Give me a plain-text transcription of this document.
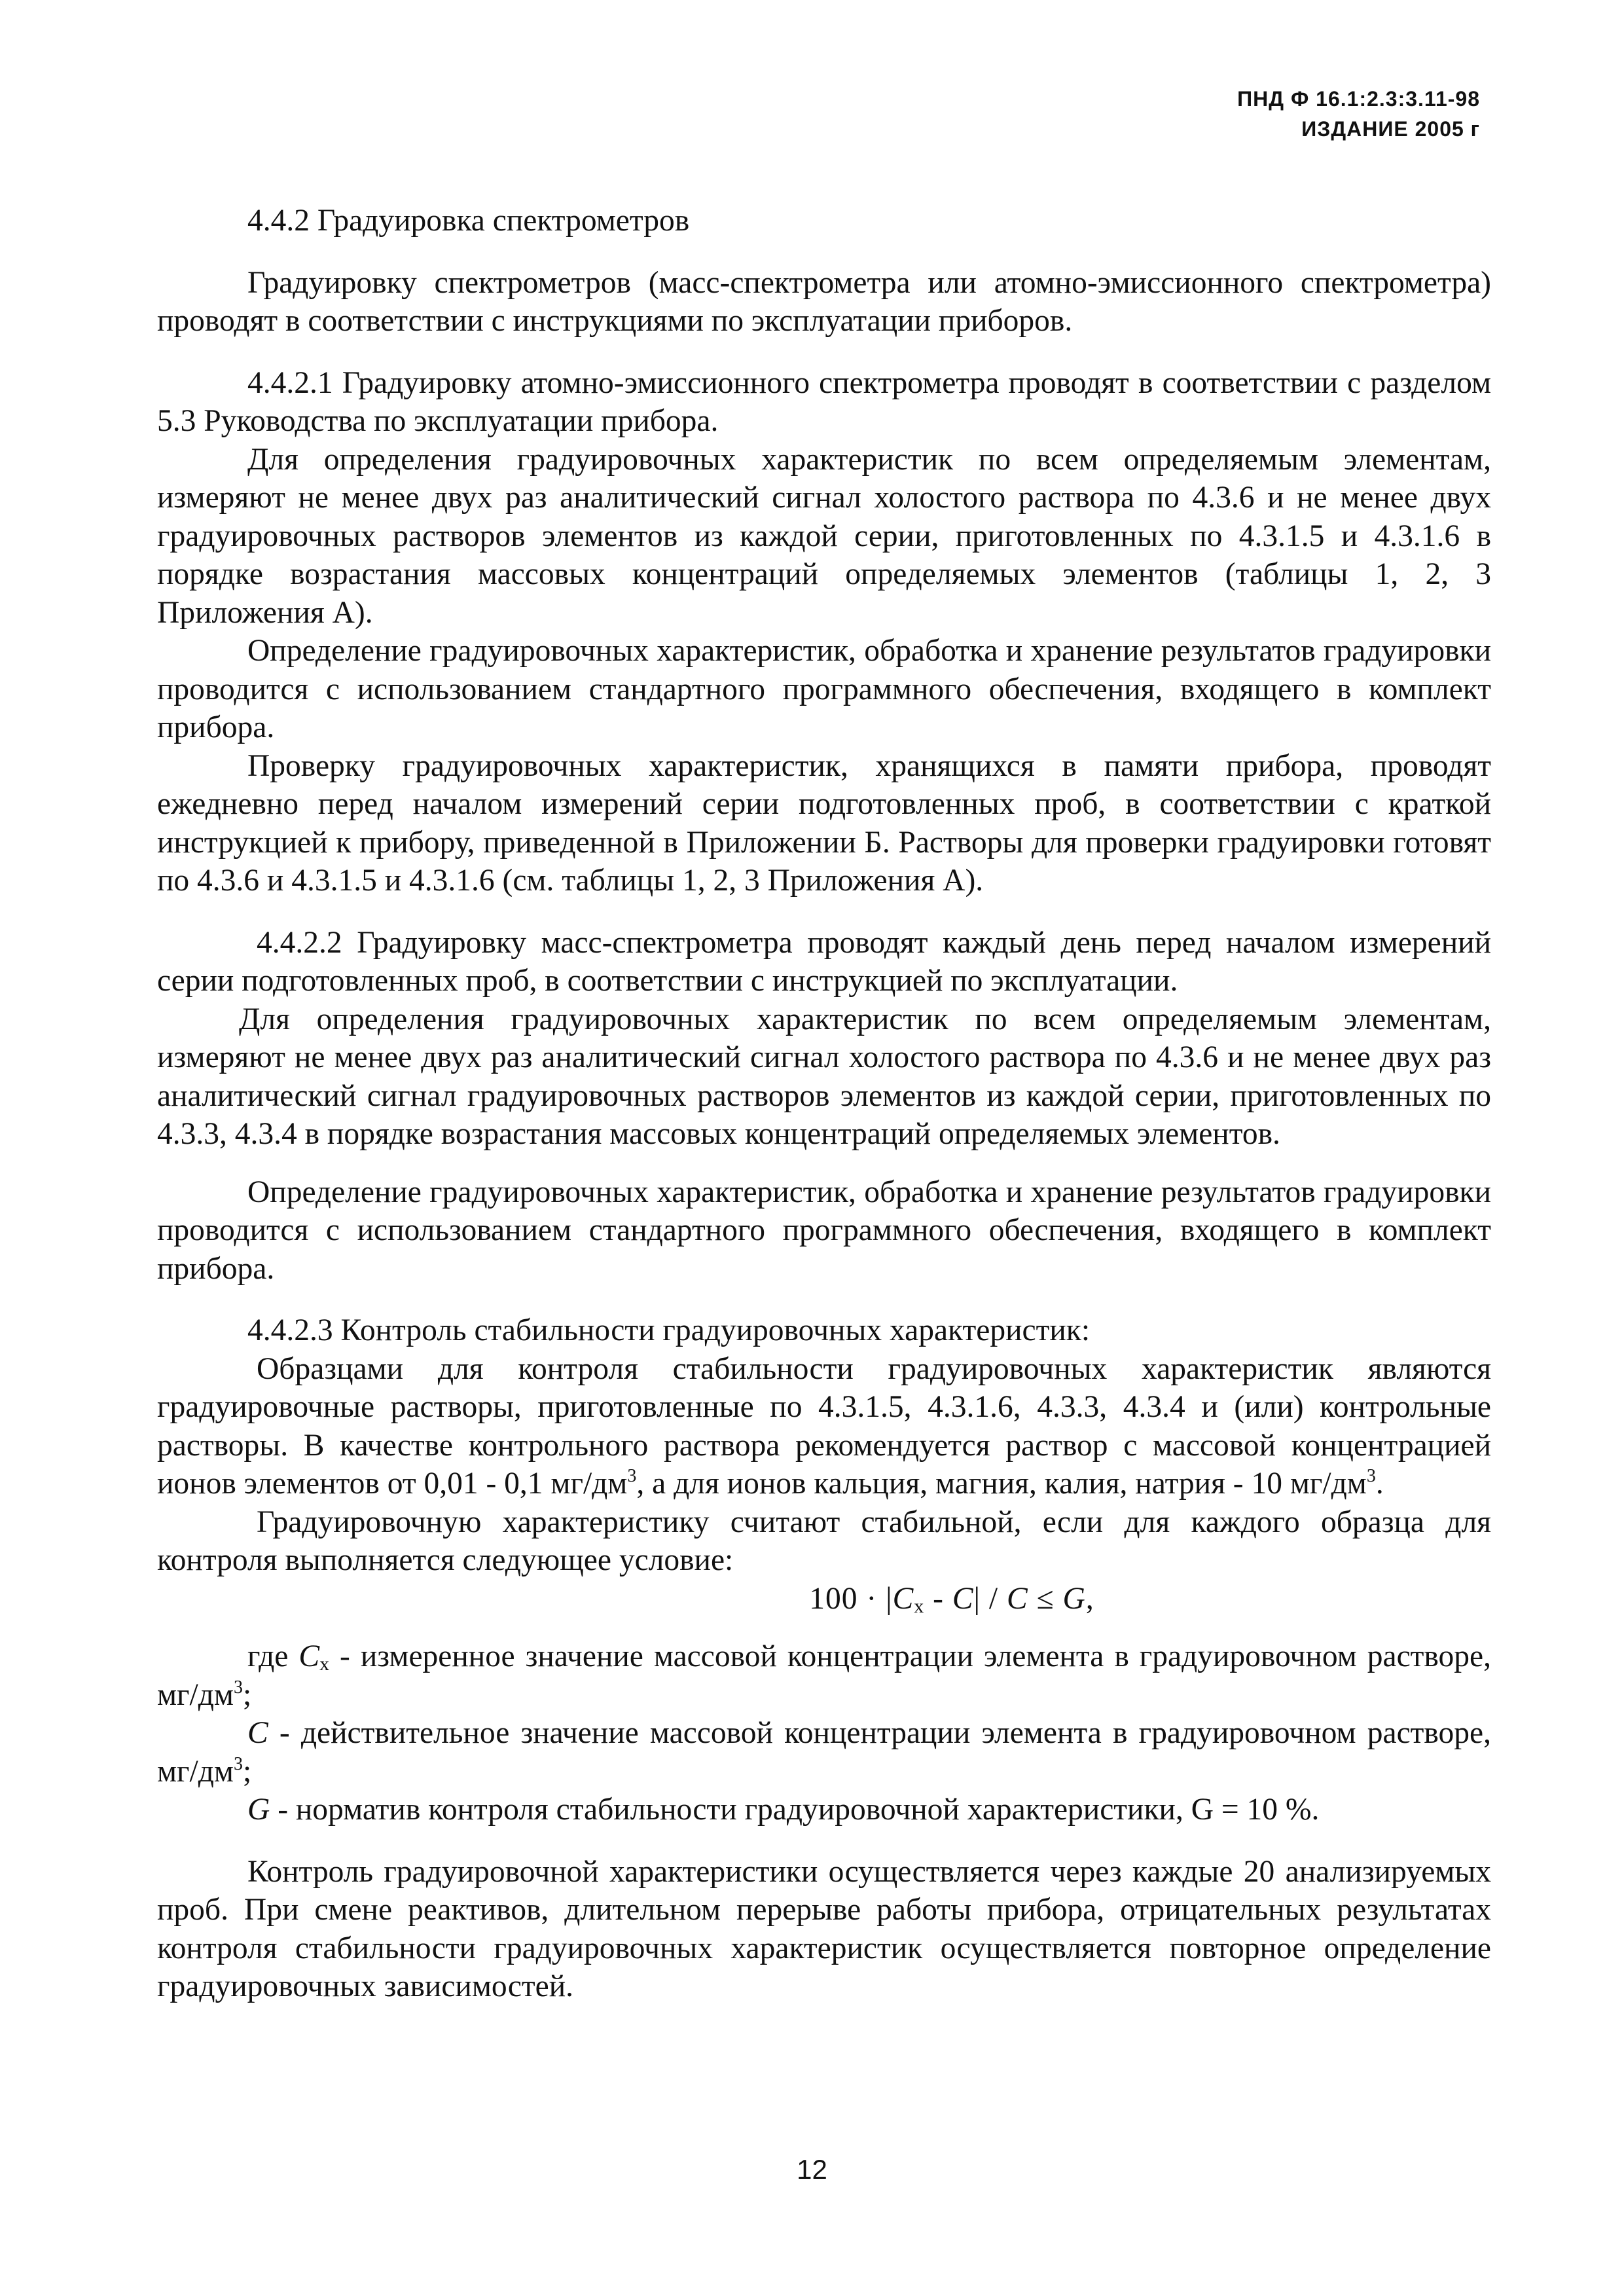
ПНД Ф 16.1:2.3:3.11-98
ИЗДАНИЕ 2005 г

4.4.2 Градуировка спектрометров

Градуировку спектрометров (масс-спектрометра или атомно-эмиссионного спектрометра) проводят в соответствии с инструкциями по эксплуатации приборов.

4.4.2.1 Градуировку атомно-эмиссионного спектрометра проводят в соответствии с разделом 5.3 Руководства по эксплуатации прибора.

Для определения градуировочных характеристик по всем определяемым элементам, измеряют не менее двух раз аналитический сигнал холостого раствора по 4.3.6 и не менее двух градуировочных растворов элементов из каждой серии, приготовленных по 4.3.1.5 и 4.3.1.6 в порядке возрастания массовых концентраций определяемых элементов (таблицы 1, 2, 3 Приложения А).

Определение градуировочных характеристик, обработка и хранение результатов градуировки проводится с использованием стандартного программного обеспечения, входящего в комплект прибора.

Проверку градуировочных характеристик, хранящихся в памяти прибора, проводят ежедневно перед началом измерений серии подготовленных проб, в соответствии с краткой инструкцией к прибору, приведенной в Приложении Б. Растворы для проверки градуировки готовят по 4.3.6 и 4.3.1.5 и 4.3.1.6 (см. таблицы 1, 2, 3 Приложения А).

4.4.2.2 Градуировку масс-спектрометра проводят каждый день перед началом измерений серии подготовленных проб, в соответствии с инструкцией по эксплуатации.

Для определения градуировочных характеристик по всем определяемым элементам, измеряют не менее двух раз аналитический сигнал холостого раствора по 4.3.6 и не менее двух раз аналитический сигнал градуировочных растворов элементов из каждой серии, приготовленных по 4.3.3, 4.3.4 в порядке возрастания массовых концентраций определяемых элементов.

Определение градуировочных характеристик, обработка и хранение результатов градуировки проводится с использованием стандартного программного обеспечения, входящего в комплект прибора.

4.4.2.3 Контроль стабильности градуировочных характеристик:

Образцами для контроля стабильности градуировочных характеристик являются градуировочные растворы, приготовленные по 4.3.1.5, 4.3.1.6, 4.3.3, 4.3.4 и (или) контрольные растворы. В качестве контрольного раствора рекомендуется раствор с массовой концентрацией ионов элементов от 0,01 - 0,1 $мг/дм^3$, а для ионов кальция, магния, калия, натрия - 10 $мг/дм^3$.

Градуировочную характеристику считают стабильной, если для каждого образца для контроля выполняется следующее условие:

$100 \cdot |C_x - C| / C \le G$,

где $C_x$ - измеренное значение массовой концентрации элемента в градуировочном растворе, $мг/дм^3$;

C - действительное значение массовой концентрации элемента в градуировочном растворе, $мг/дм^3$;

G - норматив контроля стабильности градуировочной характеристики, G = 10 %.

Контроль градуировочной характеристики осуществляется через каждые 20 анализируемых проб. При смене реактивов, длительном перерыве работы прибора, отрицательных результатах контроля стабильности градуировочных характеристик осуществляется повторное определение градуировочных зависимостей.

12
